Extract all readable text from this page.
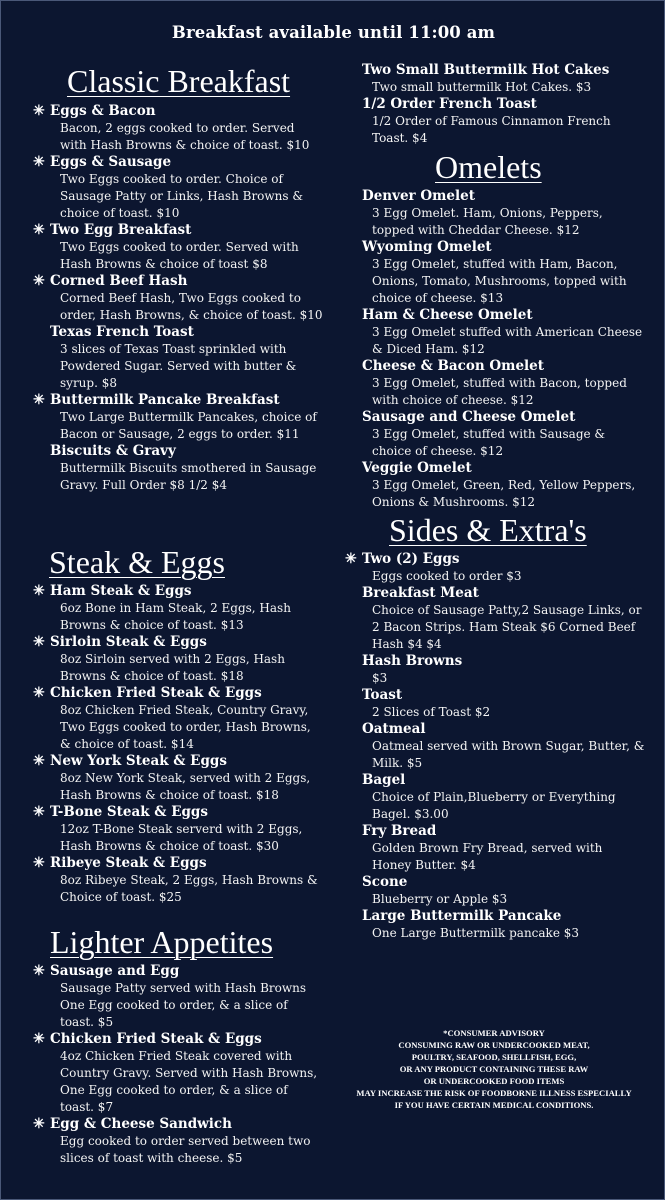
Breakfast available until 11:00 am
Classic Breakfast
✳ Eggs & Bacon
Bacon, 2 eggs cooked to order. Served with Hash Browns & choice of toast. $10
✳ Eggs & Sausage
Two Eggs cooked to order. Choice of Sausage Patty or Links, Hash Browns & choice of toast. $10
✳ Two Egg Breakfast
Two Eggs cooked to order. Served with Hash Browns & choice of toast $8
✳ Corned Beef Hash
Corned Beef Hash, Two Eggs cooked to order, Hash Browns, & choice of toast. $10
Texas French Toast
3 slices of Texas Toast sprinkled with Powdered Sugar. Served with butter & syrup. $8
✳ Buttermilk Pancake Breakfast
Two Large Buttermilk Pancakes, choice of Bacon or Sausage, 2 eggs to order. $11
Biscuits & Gravy
Buttermilk Biscuits smothered in Sausage Gravy. Full Order $8 1/2 $4
Steak & Eggs
✳ Ham Steak & Eggs
6oz Bone in Ham Steak, 2 Eggs, Hash Browns & choice of toast. $13
✳ Sirloin Steak & Eggs
8oz Sirloin served with 2 Eggs, Hash Browns & choice of toast. $18
✳ Chicken Fried Steak & Eggs
8oz Chicken Fried Steak, Country Gravy, Two Eggs cooked to order, Hash Browns, & choice of toast. $14
✳ New York Steak & Eggs
8oz New York Steak, served with 2 Eggs, Hash Browns & choice of toast. $18
✳ T-Bone Steak & Eggs
12oz T-Bone Steak serverd with 2 Eggs, Hash Browns & choice of toast. $30
✳ Ribeye Steak & Eggs
8oz Ribeye Steak, 2 Eggs, Hash Browns & Choice of toast. $25
Lighter Appetites
✳ Sausage and Egg
Sausage Patty served with Hash Browns One Egg cooked to order, & a slice of toast. $5
✳ Chicken Fried Steak & Eggs
4oz Chicken Fried Steak covered with Country Gravy. Served with Hash Browns, One Egg cooked to order, & a slice of toast. $7
✳ Egg & Cheese Sandwich
Egg cooked to order served between two slices of toast with cheese. $5
Two Small Buttermilk Hot Cakes
Two small buttermilk Hot Cakes. $3
1/2 Order French Toast
1/2 Order of Famous Cinnamon French Toast. $4
Omelets
Denver Omelet
3 Egg Omelet. Ham, Onions, Peppers, topped with Cheddar Cheese. $12
Wyoming Omelet
3 Egg Omelet, stuffed with Ham, Bacon, Onions, Tomato, Mushrooms, topped with choice of cheese. $13
Ham & Cheese Omelet
3 Egg Omelet stuffed with American Cheese & Diced Ham. $12
Cheese & Bacon Omelet
3 Egg Omelet, stuffed with Bacon, topped with choice of cheese. $12
Sausage and Cheese Omelet
3 Egg Omelet, stuffed with Sausage & choice of cheese. $12
Veggie Omelet
3 Egg Omelet, Green, Red, Yellow Peppers, Onions & Mushrooms. $12
Sides & Extra's
✳ Two (2) Eggs
Eggs cooked to order $3
Breakfast Meat
Choice of Sausage Patty,2 Sausage Links, or 2 Bacon Strips. Ham Steak $6 Corned Beef Hash $4 $4
Hash Browns
$3
Toast
2 Slices of Toast $2
Oatmeal
Oatmeal served with Brown Sugar, Butter, & Milk. $5
Bagel
Choice of Plain,Blueberry or Everything Bagel. $3.00
Fry Bread
Golden Brown Fry Bread, served with Honey Butter. $4
Scone
Blueberry or Apple $3
Large Buttermilk Pancake
One Large Buttermilk pancake $3
*CONSUMER ADVISORY
CONSUMING RAW OR UNDERCOOKED MEAT,
POULTRY, SEAFOOD, SHELLFISH, EGG,
OR ANY PRODUCT CONTAINING THESE RAW
OR UNDERCOOKED FOOD ITEMS
MAY INCREASE THE RISK OF FOODBORNE ILLNESS ESPECIALLY
IF YOU HAVE CERTAIN MEDICAL CONDITIONS.
